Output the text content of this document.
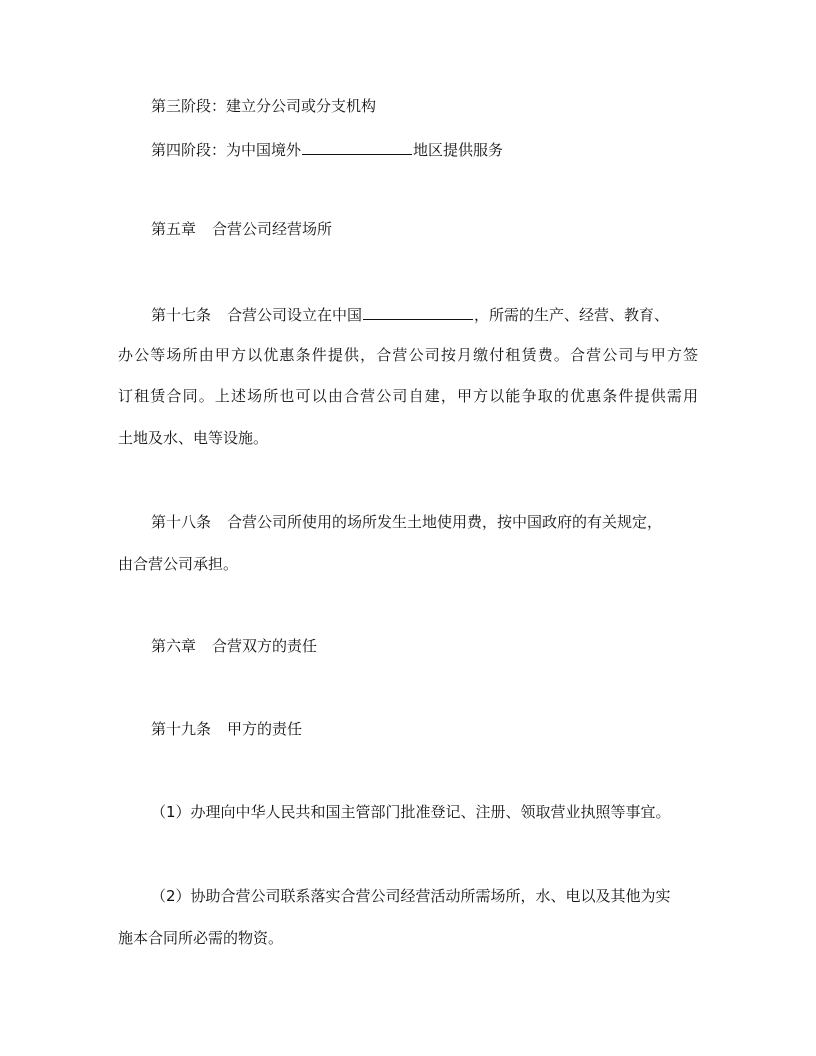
第三阶段：建立分公司或分支机构

第四阶段：为中国境外	地区提供服务

第五章 合营公司经营场所

第十七条 合营公司设立在中国	，所需的生产、经营、教育、

办公等场所由甲方以优惠条件提供，合营公司按月缴付租赁费。合营公司与甲方签

订租赁合同。上述场所也可以由合营公司自建，甲方以能争取的优惠条件提供需用

土地及水、电等设施。

第十八条 合营公司所使用的场所发生土地使用费，按中国政府的有关规定，

由合营公司承担。

第六章 合营双方的责任

第十九条 甲方的责任

（1）办理向中华人民共和国主管部门批准登记、注册、领取营业执照等事宜。

（2）协助合营公司联系落实合营公司经营活动所需场所，水、电以及其他为实

施本合同所必需的物资。
